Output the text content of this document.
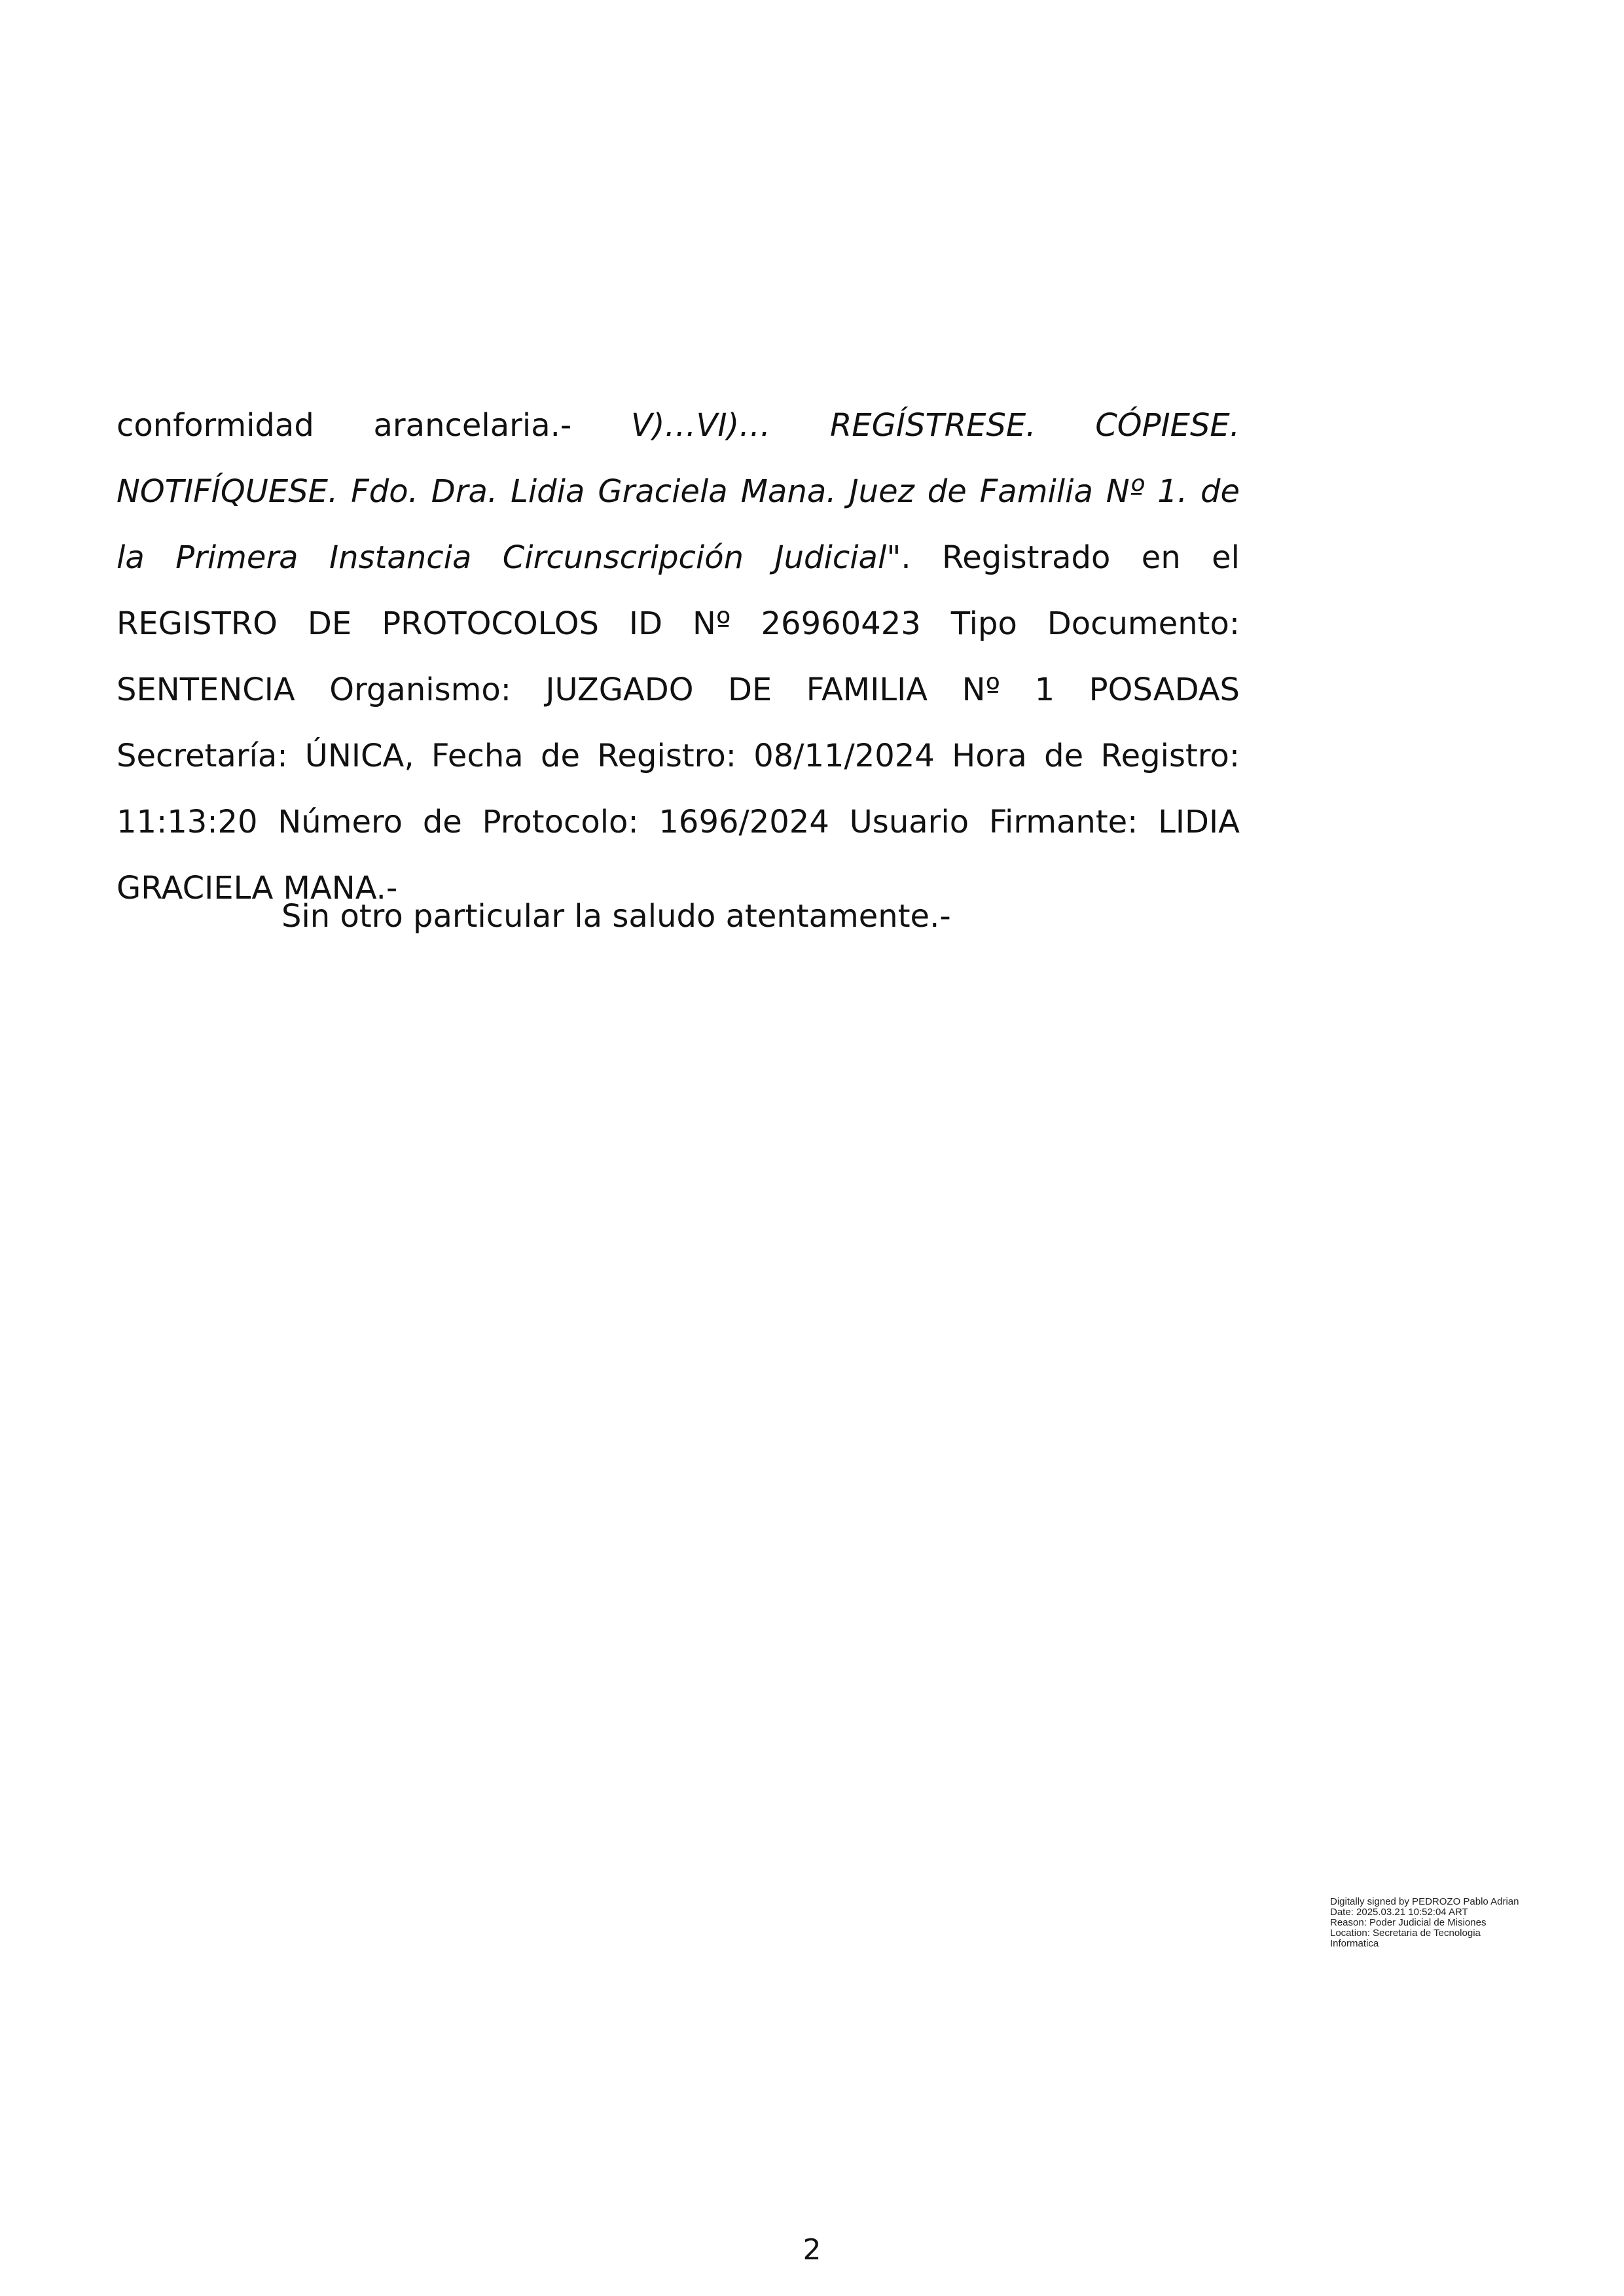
conformidad arancelaria.- V)…VI)… REGÍSTRESE. CÓPIESE. NOTIFÍQUESE. Fdo. Dra. Lidia Graciela Mana. Juez de Familia Nº 1. de la Primera Instancia Circunscripción Judicial". Registrado en el REGISTRO DE PROTOCOLOS ID Nº 26960423 Tipo Documento: SENTENCIA Organismo: JUZGADO DE FAMILIA Nº 1 POSADAS Secretaría: ÚNICA, Fecha de Registro: 08/11/2024 Hora de Registro: 11:13:20 Número de Protocolo: 1696/2024 Usuario Firmante: LIDIA GRACIELA MANA.-
Sin otro particular la saludo atentamente.-
Digitally signed by PEDROZO Pablo Adrian
Date: 2025.03.21 10:52:04 ART
Reason: Poder Judicial de Misiones
Location: Secretaria de Tecnologia
Informatica
2
